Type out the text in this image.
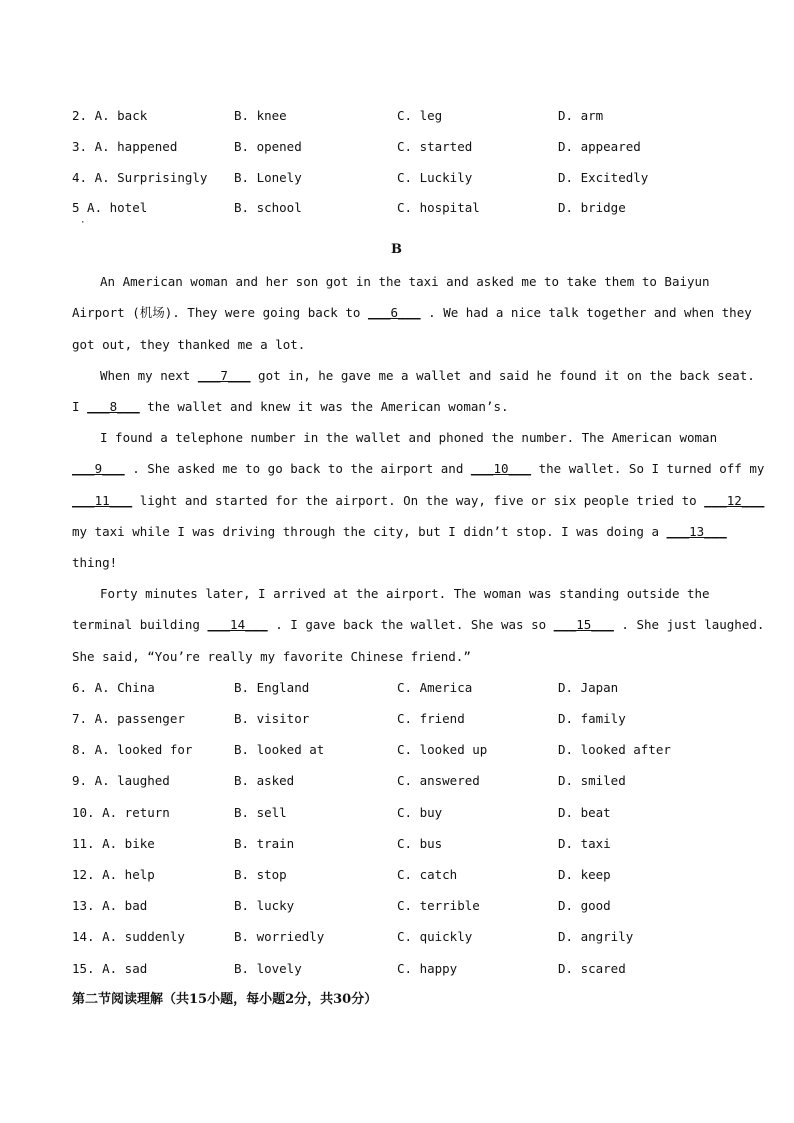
2. A. back	B. knee	C. leg	D. arm
3. A. happened	B. opened	C. started	D. appeared
4. A. Surprisingly B. Lonely	C. Luckily	D. Excitedly
5 A. hotel	B. school	C. hospital	D. bridge
·
B
An American woman and her son got in the taxi and asked me to take them to Baiyun
Airport (机场). They were going back to ___6___ . We had a nice talk together and when they
got out, they thanked me a lot.
When my next ___7___ got in, he gave me a wallet and said he found it on the back seat.
I ___8___ the wallet and knew it was the American woman’s.
I found a telephone number in the wallet and phoned the number. The American woman
___9___ . She asked me to go back to the airport and ___10___ the wallet. So I turned off my
___11___ light and started for the airport. On the way, five or six people tried to ___12___
my taxi while I was driving through the city, but I didn’t stop. I was doing a ___13___
thing!
Forty minutes later, I arrived at the airport. The woman was standing outside the
terminal building ___14___ . I gave back the wallet. She was so ___15___ . She just laughed.
She said, “You’re really my favorite Chinese friend.”
6. A. China	B. England	C. America	D. Japan
7. A. passenger	B. visitor	C. friend	D. family
8. A. looked for	B. looked at	C. looked up	D. looked after
9. A. laughed	B. asked	C. answered	D. smiled
10. A. return	B. sell	C. buy	D. beat
11. A. bike	B. train	C. bus	D. taxi
12. A. help	B. stop	C. catch	D. keep
13. A. bad	B. lucky	C. terrible	D. good
14. A. suddenly	B. worriedly	C. quickly	D. angrily
15. A. sad	B. lovely	C. happy	D. scared
第二节阅读理解（共15小题，每小题2分，共30分）
